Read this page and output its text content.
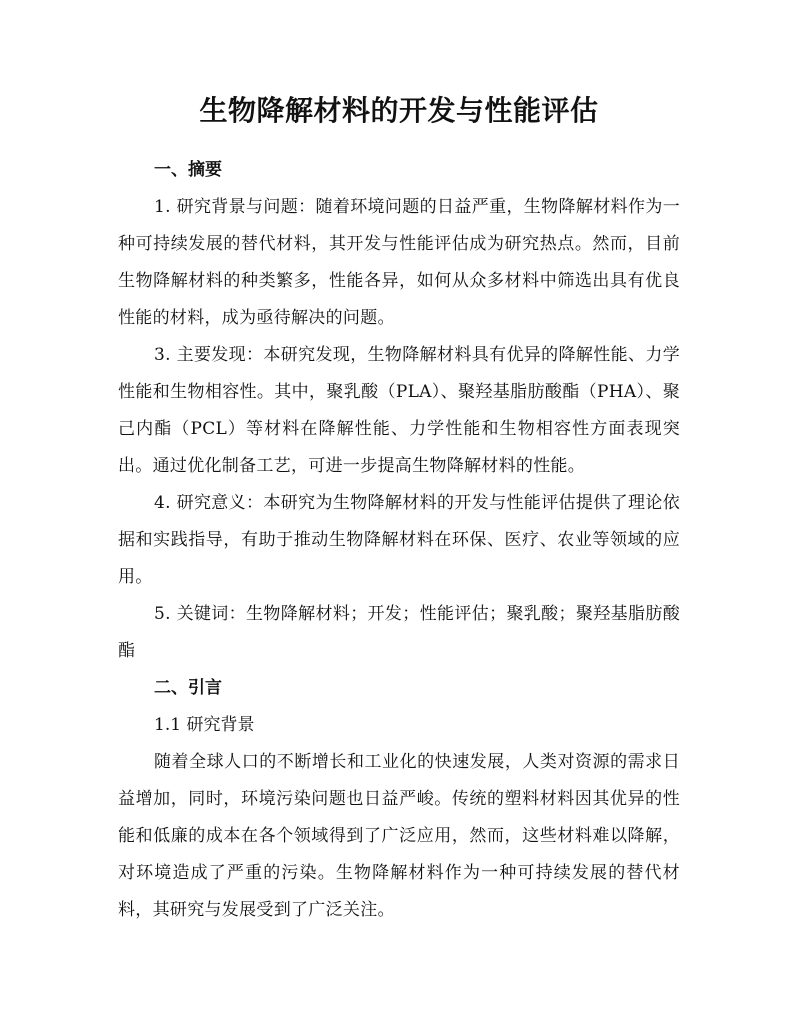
生物降解材料的开发与性能评估
一、摘要

1. 研究背景与问题：随着环境问题的日益严重，生物降解材料作为一种可持续发展的替代材料，其开发与性能评估成为研究热点。然而，目前生物降解材料的种类繁多，性能各异，如何从众多材料中筛选出具有优良性能的材料，成为亟待解决的问题。

3. 主要发现：本研究发现，生物降解材料具有优异的降解性能、力学性能和生物相容性。其中，聚乳酸（PLA）、聚羟基脂肪酸酯（PHA）、聚己内酯（PCL）等材料在降解性能、力学性能和生物相容性方面表现突出。通过优化制备工艺，可进一步提高生物降解材料的性能。

4. 研究意义：本研究为生物降解材料的开发与性能评估提供了理论依据和实践指导，有助于推动生物降解材料在环保、医疗、农业等领域的应用。

5. 关键词：生物降解材料；开发；性能评估；聚乳酸；聚羟基脂肪酸酯

二、引言

1.1 研究背景

随着全球人口的不断增长和工业化的快速发展，人类对资源的需求日益增加，同时，环境污染问题也日益严峻。传统的塑料材料因其优异的性能和低廉的成本在各个领域得到了广泛应用，然而，这些材料难以降解，对环境造成了严重的污染。生物降解材料作为一种可持续发展的替代材料，其研究与发展受到了广泛关注。
